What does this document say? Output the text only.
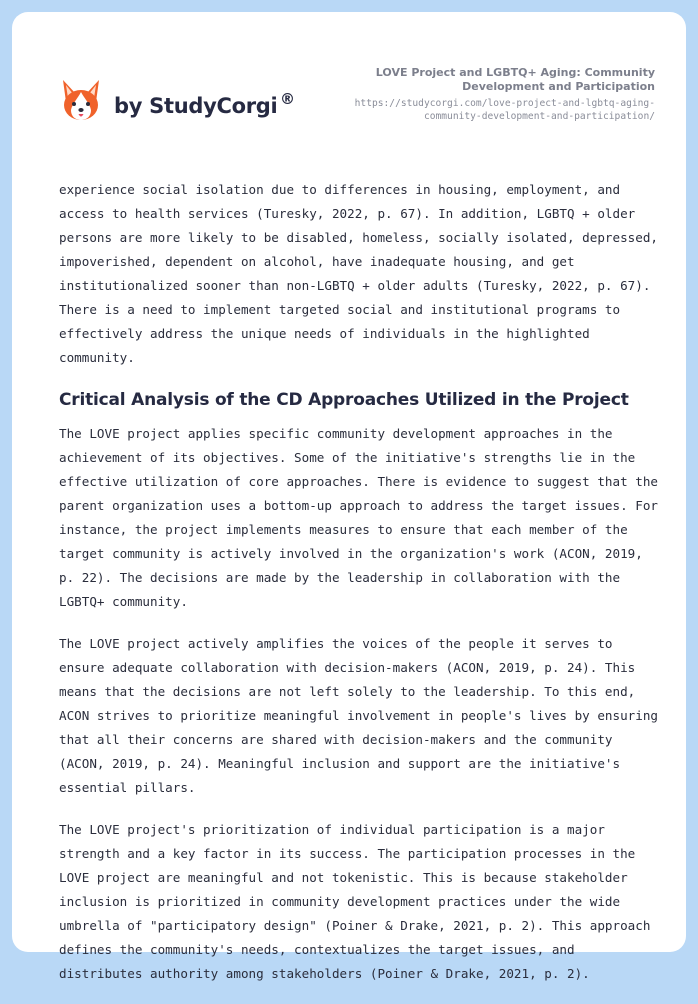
by StudyCorgi ®
LOVE Project and LGBTQ+ Aging: Community Development and Participation
https://studycorgi.com/love-project-and-lgbtq-aging-community-development-and-participation/

experience social isolation due to differences in housing, employment, and access to health services (Turesky, 2022, p. 67). In addition, LGBTQ + older persons are more likely to be disabled, homeless, socially isolated, depressed, impoverished, dependent on alcohol, have inadequate housing, and get institutionalized sooner than non-LGBTQ + older adults (Turesky, 2022, p. 67). There is a need to implement targeted social and institutional programs to effectively address the unique needs of individuals in the highlighted community.

Critical Analysis of the CD Approaches Utilized in the Project

The LOVE project applies specific community development approaches in the achievement of its objectives. Some of the initiative's strengths lie in the effective utilization of core approaches. There is evidence to suggest that the parent organization uses a bottom-up approach to address the target issues. For instance, the project implements measures to ensure that each member of the target community is actively involved in the organization's work (ACON, 2019, p. 22). The decisions are made by the leadership in collaboration with the LGBTQ+ community.

The LOVE project actively amplifies the voices of the people it serves to ensure adequate collaboration with decision-makers (ACON, 2019, p. 24). This means that the decisions are not left solely to the leadership. To this end, ACON strives to prioritize meaningful involvement in people's lives by ensuring that all their concerns are shared with decision-makers and the community (ACON, 2019, p. 24). Meaningful inclusion and support are the initiative's essential pillars.

The LOVE project's prioritization of individual participation is a major strength and a key factor in its success. The participation processes in the LOVE project are meaningful and not tokenistic. This is because stakeholder inclusion is prioritized in community development practices under the wide umbrella of "participatory design" (Poiner & Drake, 2021, p. 2). This approach defines the community's needs, contextualizes the target issues, and distributes authority among stakeholders (Poiner & Drake, 2021, p. 2).
